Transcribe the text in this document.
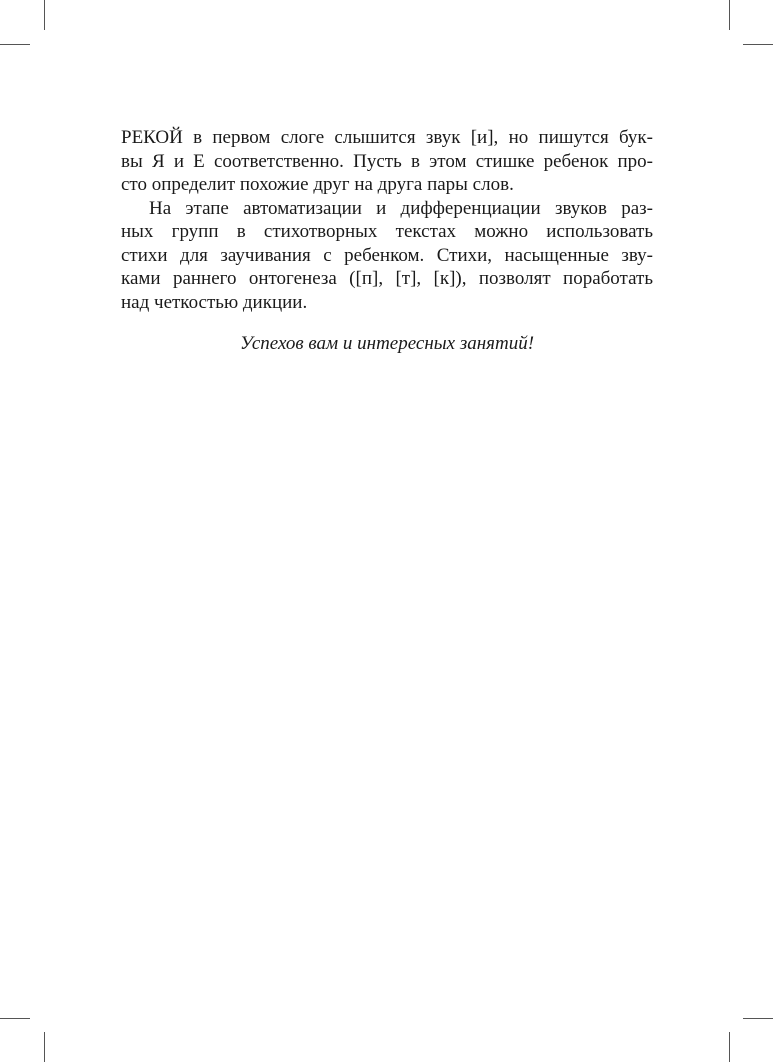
РЕКОЙ в первом слоге слышится звук [и], но пишутся бук-
вы Я и Е соответственно. Пусть в этом стишке ребенок про-
сто определит похожие друг на друга пары слов.

На этапе автоматизации и дифференциации звуков раз-
ных групп в стихотворных текстах можно использовать
стихи для заучивания с ребенком. Стихи, насыщенные зву-
ками раннего онтогенеза ([п], [т], [к]), позволят поработать
над четкостью дикции.

Успехов вам и интересных занятий!
